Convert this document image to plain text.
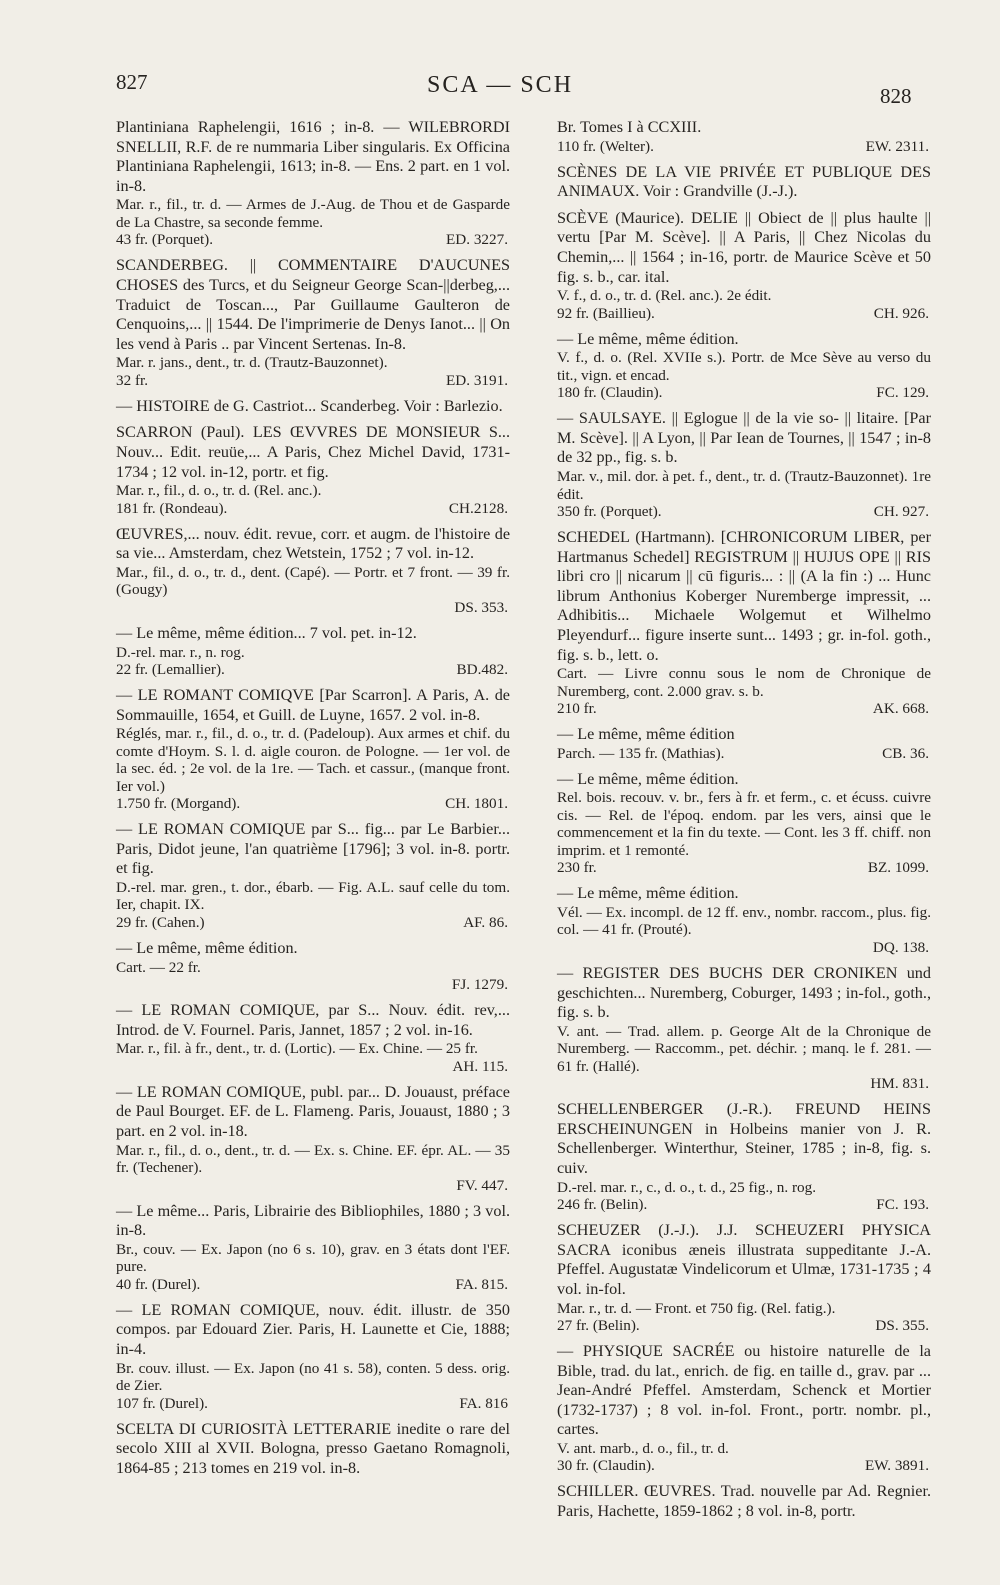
827	SCA — SCH	828

Plantiniana Raphelengii, 1616 ; in-8. — WILEBRORDI SNELLII, R.F. de re nummaria Liber singularis. Ex Officina Plantiniana Raphelengii, 1613; in-8. — Ens. 2 part. en 1 vol. in-8.

Mar. r., fil., tr. d. — Armes de J.-Aug. de Thou et de Gasparde de La Chastre, sa seconde femme.

43 fr. (Porquet).	ED. 3227.

SCANDERBEG. || COMMENTAIRE D'AUCUNES CHOSES des Turcs, et du Seigneur George Scan-||derbeg,... Traduict de Toscan..., Par Guillaume Gaulteron de Cenquoins,... || 1544. De l'imprimerie de Denys Ianot... || On les vend à Paris .. par Vincent Sertenas. In-8.

Mar. r. jans., dent., tr. d. (Trautz-Bauzonnet).

32 fr.	ED. 3191.

— HISTOIRE de G. Castriot... Scanderbeg. Voir : Barlezio.

SCARRON (Paul). LES ŒVVRES DE MONSIEUR S... Nouv... Edit. reuüe,... A Paris, Chez Michel David, 1731-1734 ; 12 vol. in-12, portr. et fig.

Mar. r., fil., d. o., tr. d. (Rel. anc.).

181 fr. (Rondeau).	CH.2128.

ŒUVRES,... nouv. édit. revue, corr. et augm. de l'histoire de sa vie... Amsterdam, chez Wetstein, 1752 ; 7 vol. in-12.

Mar., fil., d. o., tr. d., dent. (Capé). — Portr. et 7 front. — 39 fr. (Gougy)

DS. 353.

— Le même, même édition... 7 vol. pet. in-12.

D.-rel. mar. r., n. rog.

22 fr. (Lemallier).	BD.482.

— LE ROMANT COMIQVE [Par Scarron]. A Paris, A. de Sommauille, 1654, et Guill. de Luyne, 1657. 2 vol. in-8.

Réglés, mar. r., fil., d. o., tr. d. (Padeloup). Aux armes et chif. du comte d'Hoym. S. l. d. aigle couron. de Pologne. — 1er vol. de la sec. éd. ; 2e vol. de la 1re. — Tach. et cassur., (manque front. Ier vol.)

1.750 fr. (Morgand).	CH. 1801.

— LE ROMAN COMIQUE par S... fig... par Le Barbier... Paris, Didot jeune, l'an quatrième [1796]; 3 vol. in-8. portr. et fig.

D.-rel. mar. gren., t. dor., ébarb. — Fig. A.L. sauf celle du tom. Ier, chapit. IX.

29 fr. (Cahen.)	AF. 86.

— Le même, même édition.

Cart. — 22 fr.

FJ. 1279.

— LE ROMAN COMIQUE, par S... Nouv. édit. rev,... Introd. de V. Fournel. Paris, Jannet, 1857 ; 2 vol. in-16.

Mar. r., fil. à fr., dent., tr. d. (Lortic). — Ex. Chine. — 25 fr.

AH. 115.

— LE ROMAN COMIQUE, publ. par... D. Jouaust, préface de Paul Bourget. EF. de L. Flameng. Paris, Jouaust, 1880 ; 3 part. en 2 vol. in-18.

Mar. r., fil., d. o., dent., tr. d. — Ex. s. Chine. EF. épr. AL. — 35 fr. (Techener).

FV. 447.

— Le même... Paris, Librairie des Bibliophiles, 1880 ; 3 vol. in-8.

Br., couv. — Ex. Japon (no 6 s. 10), grav. en 3 états dont l'EF. pure.

40 fr. (Durel).	FA. 815.

— LE ROMAN COMIQUE, nouv. édit. illustr. de 350 compos. par Edouard Zier. Paris, H. Launette et Cie, 1888; in-4.

Br. couv. illust. — Ex. Japon (no 41 s. 58), conten. 5 dess. orig. de Zier.

107 fr. (Durel).	FA. 816

SCELTA DI CURIOSITÀ LETTERARIE inedite o rare del secolo XIII al XVII. Bologna, presso Gaetano Romagnoli, 1864-85 ; 213 tomes en 219 vol. in-8.

Br. Tomes I à CCXIII.

110 fr. (Welter).	EW. 2311.

SCÈNES DE LA VIE PRIVÉE ET PUBLIQUE DES ANIMAUX. Voir : Grandville (J.-J.).

SCÈVE (Maurice). DELIE || Obiect de || plus haulte || vertu [Par M. Scève]. || A Paris, || Chez Nicolas du Chemin,... || 1564 ; in-16, portr. de Maurice Scève et 50 fig. s. b., car. ital.

V. f., d. o., tr. d. (Rel. anc.). 2e édit.

92 fr. (Baillieu).	CH. 926.

— Le même, même édition.

V. f., d. o. (Rel. XVIIe s.). Portr. de Mce Sève au verso du tit., vign. et encad.

180 fr. (Claudin).	FC. 129.

— SAULSAYE. || Eglogue || de la vie so- || litaire. [Par M. Scève]. || A Lyon, || Par Iean de Tournes, || 1547 ; in-8 de 32 pp., fig. s. b.

Mar. v., mil. dor. à pet. f., dent., tr. d. (Trautz-Bauzonnet). 1re édit.

350 fr. (Porquet).	CH. 927.

SCHEDEL (Hartmann). [CHRONICORUM LIBER, per Hartmanus Schedel] REGISTRUM || HUJUS OPE || RIS libri cro || nicarum || cū figuris... : || (A la fin :) ... Hunc librum Anthonius Koberger Nuremberge impressit, ... Adhibitis... Michaele Wolgemut et Wilhelmo Pleyendurf... figure inserte sunt... 1493 ; gr. in-fol. goth., fig. s. b., lett. o.

Cart. — Livre connu sous le nom de Chronique de Nuremberg, cont. 2.000 grav. s. b.

210 fr.	AK. 668.

— Le même, même édition

Parch. — 135 fr. (Mathias).	CB. 36.

— Le même, même édition.

Rel. bois. recouv. v. br., fers à fr. et ferm., c. et écuss. cuivre cis. — Rel. de l'époq. endom. par les vers, ainsi que le commencement et la fin du texte. — Cont. les 3 ff. chiff. non imprim. et 1 remonté.

230 fr.	BZ. 1099.

— Le même, même édition.

Vél. — Ex. incompl. de 12 ff. env., nombr. raccom., plus. fig. col. — 41 fr. (Prouté).

DQ. 138.

— REGISTER DES BUCHS DER CRONIKEN und geschichten... Nuremberg, Coburger, 1493 ; in-fol., goth., fig. s. b.

V. ant. — Trad. allem. p. George Alt de la Chronique de Nuremberg. — Raccomm., pet. déchir. ; manq. le f. 281. — 61 fr. (Hallé).

HM. 831.

SCHELLENBERGER (J.-R.). FREUND HEINS ERSCHEINUNGEN in Holbeins manier von J. R. Schellenberger. Winterthur, Steiner, 1785 ; in-8, fig. s. cuiv.

D.-rel. mar. r., c., d. o., t. d., 25 fig., n. rog.

246 fr. (Belin).	FC. 193.

SCHEUZER (J.-J.). J.J. SCHEUZERI PHYSICA SACRA iconibus æneis illustrata suppeditante J.-A. Pfeffel. Augustatæ Vindelicorum et Ulmæ, 1731-1735 ; 4 vol. in-fol.

Mar. r., tr. d. — Front. et 750 fig. (Rel. fatig.).

27 fr. (Belin).	DS. 355.

— PHYSIQUE SACRÉE ou histoire naturelle de la Bible, trad. du lat., enrich. de fig. en taille d., grav. par ... Jean-André Pfeffel. Amsterdam, Schenck et Mortier (1732-1737) ; 8 vol. in-fol. Front., portr. nombr. pl., cartes.

V. ant. marb., d. o., fil., tr. d.

30 fr. (Claudin).	EW. 3891.

SCHILLER. ŒUVRES. Trad. nouvelle par Ad. Regnier. Paris, Hachette, 1859-1862 ; 8 vol. in-8, portr.
